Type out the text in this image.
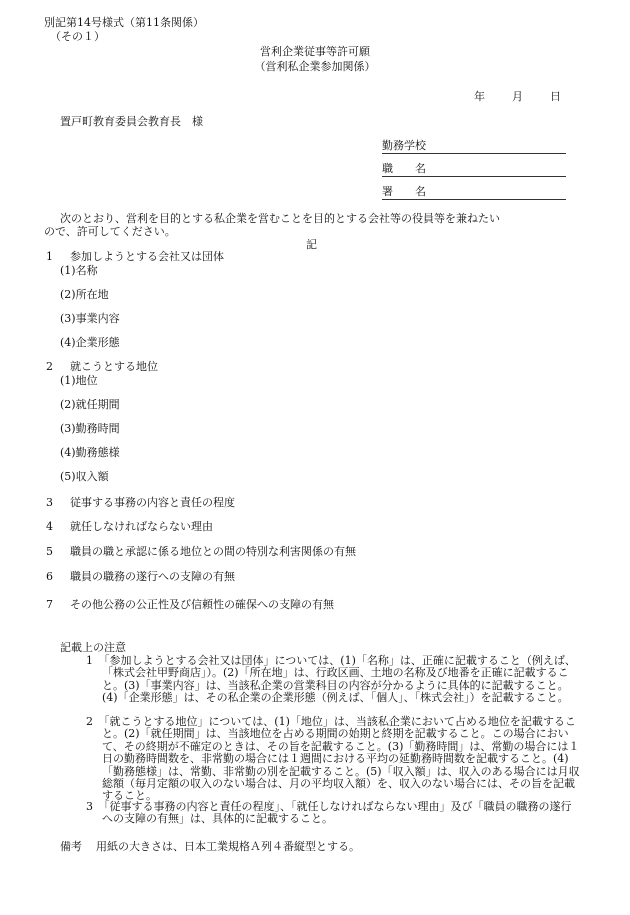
別記第14号様式（第11条関係）
（その１）
営利企業従事等許可願
（営利私企業参加関係）
年 月 日
置戸町教育委員会教育長　様
勤務学校
職　　名
署　　名
次のとおり、営利を目的とする私企業を営むことを目的とする会社等の役員等を兼ねたい
ので、許可してください。
記
1 参加しようとする会社又は団体
(1)名称
(2)所在地
(3)事業内容
(4)企業形態
2 就こうとする地位
(1)地位
(2)就任期間
(3)勤務時間
(4)勤務態様
(5)収入額
3 従事する事務の内容と責任の程度
4 就任しなければならない理由
5 職員の職と承認に係る地位との間の特別な利害関係の有無
6 職員の職務の遂行への支障の有無
7 その他公務の公正性及び信頼性の確保への支障の有無
記載上の注意
1　「参加しようとする会社又は団体」については、(1)「名称」は、正確に記載すること（例えば、「株式会社甲野商店」）。(2)「所在地」は、行政区画、土地の名称及び地番を正確に記載すること。(3)「事業内容」は、当該私企業の営業科目の内容が分かるように具体的に記載すること。(4)「企業形態」は、その私企業の企業形態（例えば、「個人」、「株式会社」）を記載すること。
2　「就こうとする地位」については、(1)「地位」は、当該私企業において占める地位を記載すること。(2)「就任期間」は、当該地位を占める期間の始期と終期を記載すること。この場合において、その終期が不確定のときは、その旨を記載すること。(3)「勤務時間」は、常勤の場合には１日の勤務時間数を、非常勤の場合には１週間における平均の延勤務時間数を記載すること。(4)「勤務態様」は、常勤、非常勤の別を記載すること。(5)「収入額」は、収入のある場合には月収総額（毎月定額の収入のない場合は、月の平均収入額）を、収入のない場合には、その旨を記載すること。
3　「従事する事務の内容と責任の程度」、「就任しなければならない理由」及び「職員の職務の遂行への支障の有無」は、具体的に記載すること。
備考 用紙の大きさは、日本工業規格Ａ列４番縦型とする。
